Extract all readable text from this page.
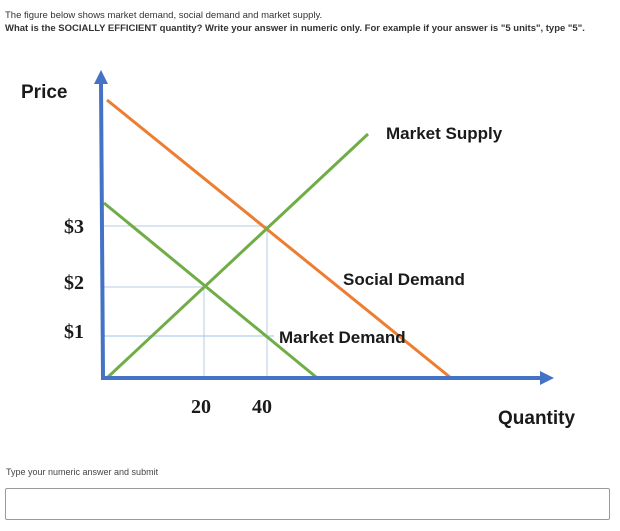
The figure below shows market demand, social demand and market supply.
What is the SOCIALLY EFFICIENT quantity? Write your answer in numeric only. For example if your answer is "5 units", type "5".
Price
Quantity
$3
$2
$1
20 40
Market Supply
Social Demand
Market Demand
Type your numeric answer and submit
